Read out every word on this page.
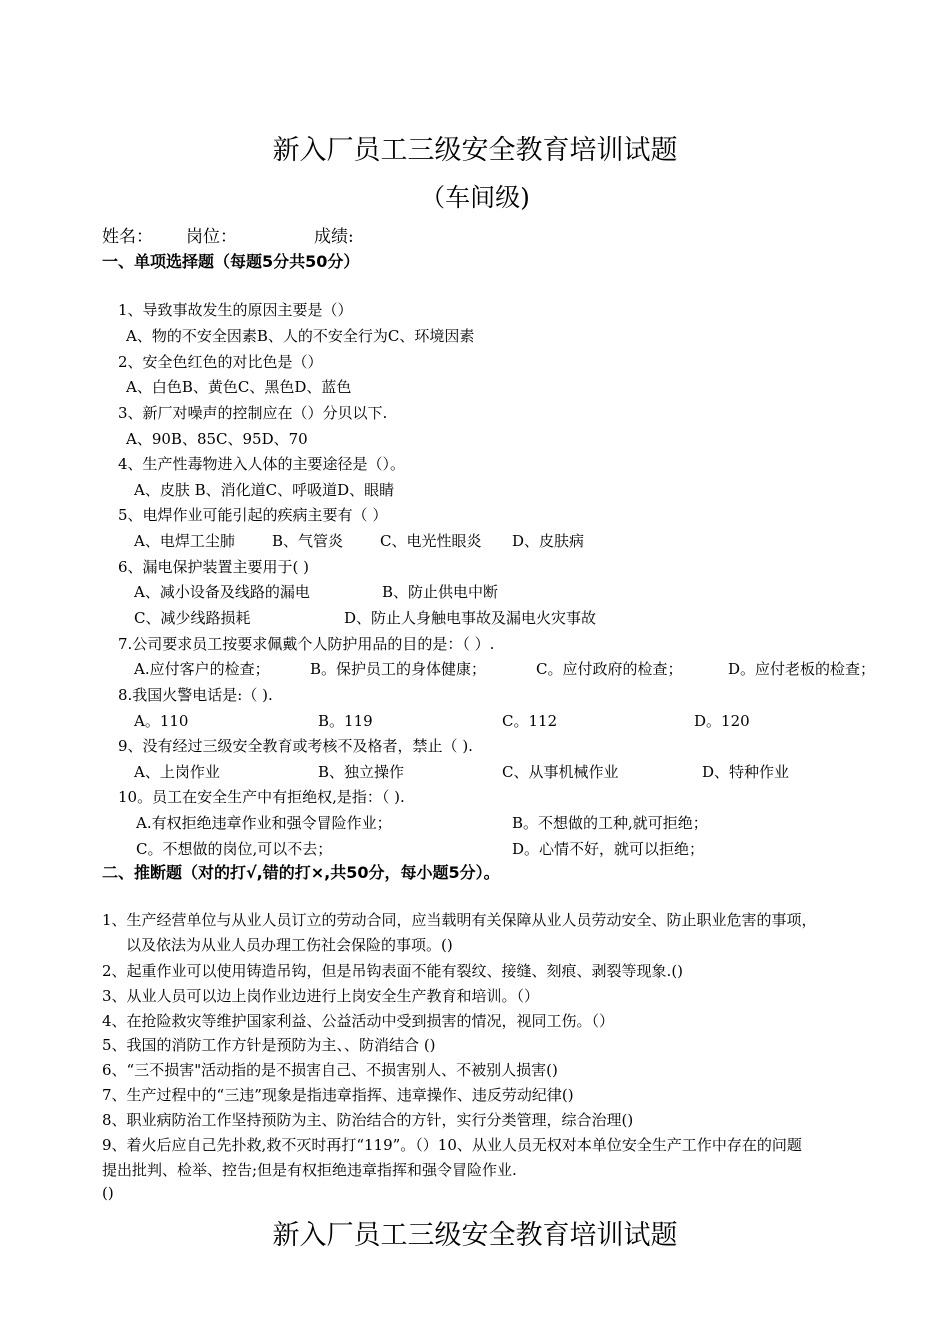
新入厂员工三级安全教育培训试题
（车间级)
姓名： 岗位：	成绩:
一、单项选择题（每题5分共50分）
1、导致事故发生的原因主要是（）
A、物的不安全因素B、人的不安全行为C、环境因素
2、安全色红色的对比色是（）
A、白色B、黄色C、黑色D、蓝色
3、新厂对噪声的控制应在（）分贝以下.
A、90B、85C、95D、70
4、生产性毒物进入人体的主要途径是（）。
A、皮肤 B、消化道C、呼吸道D、眼睛
5、电焊作业可能引起的疾病主要有（ ）
A、电焊工尘肺 B、气管炎 C、电光性眼炎 D、皮肤病
6、漏电保护装置主要用于( )
A、减小设备及线路的漏电	B、防止供电中断
C、减少线路损耗	D、防止人身触电事故及漏电火灾事故
7.公司要求员工按要求佩戴个人防护用品的目的是：（ ）.
A.应付客户的检查；	B。保护员工的身体健康；	C。应付政府的检查；	D。应付老板的检查；
8.我国火警电话是:（ ).
A。110	B。119	C。112	D。120
9、没有经过三级安全教育或考核不及格者，禁止（ ).
A、上岗作业	B、独立操作	C、从事机械作业	D、特种作业
10。员工在安全生产中有拒绝权,是指：（ ).
A.有权拒绝违章作业和强令冒险作业；	B。不想做的工种,就可拒绝；
C。不想做的岗位,可以不去；	D。心情不好，就可以拒绝；
二、推断题（对的打√,错的打×,共50分，每小题5分）。
1、生产经营单位与从业人员订立的劳动合同，应当载明有关保障从业人员劳动安全、防止职业危害的事项，
以及依法为从业人员办理工伤社会保险的事项。()
2、起重作业可以使用铸造吊钩，但是吊钩表面不能有裂纹、接缝、刻痕、剥裂等现象.()
3、从业人员可以边上岗作业边进行上岗安全生产教育和培训。（）
4、在抢险救灾等维护国家利益、公益活动中受到损害的情况，视同工伤。（）
5、我国的消防工作方针是预防为主、、防消结合 ()
6、“三不损害"活动指的是不损害自己、不损害别人、不被别人损害()
7、生产过程中的“三违”现象是指违章指挥、违章操作、违反劳动纪律()
8、职业病防治工作坚持预防为主、防治结合的方针，实行分类管理，综合治理()
9、着火后应自己先扑救,救不灭时再打“119”。（）10、从业人员无权对本单位安全生产工作中存在的问题
提出批判、检举、控告;但是有权拒绝违章指挥和强令冒险作业.
()
新入厂员工三级安全教育培训试题
